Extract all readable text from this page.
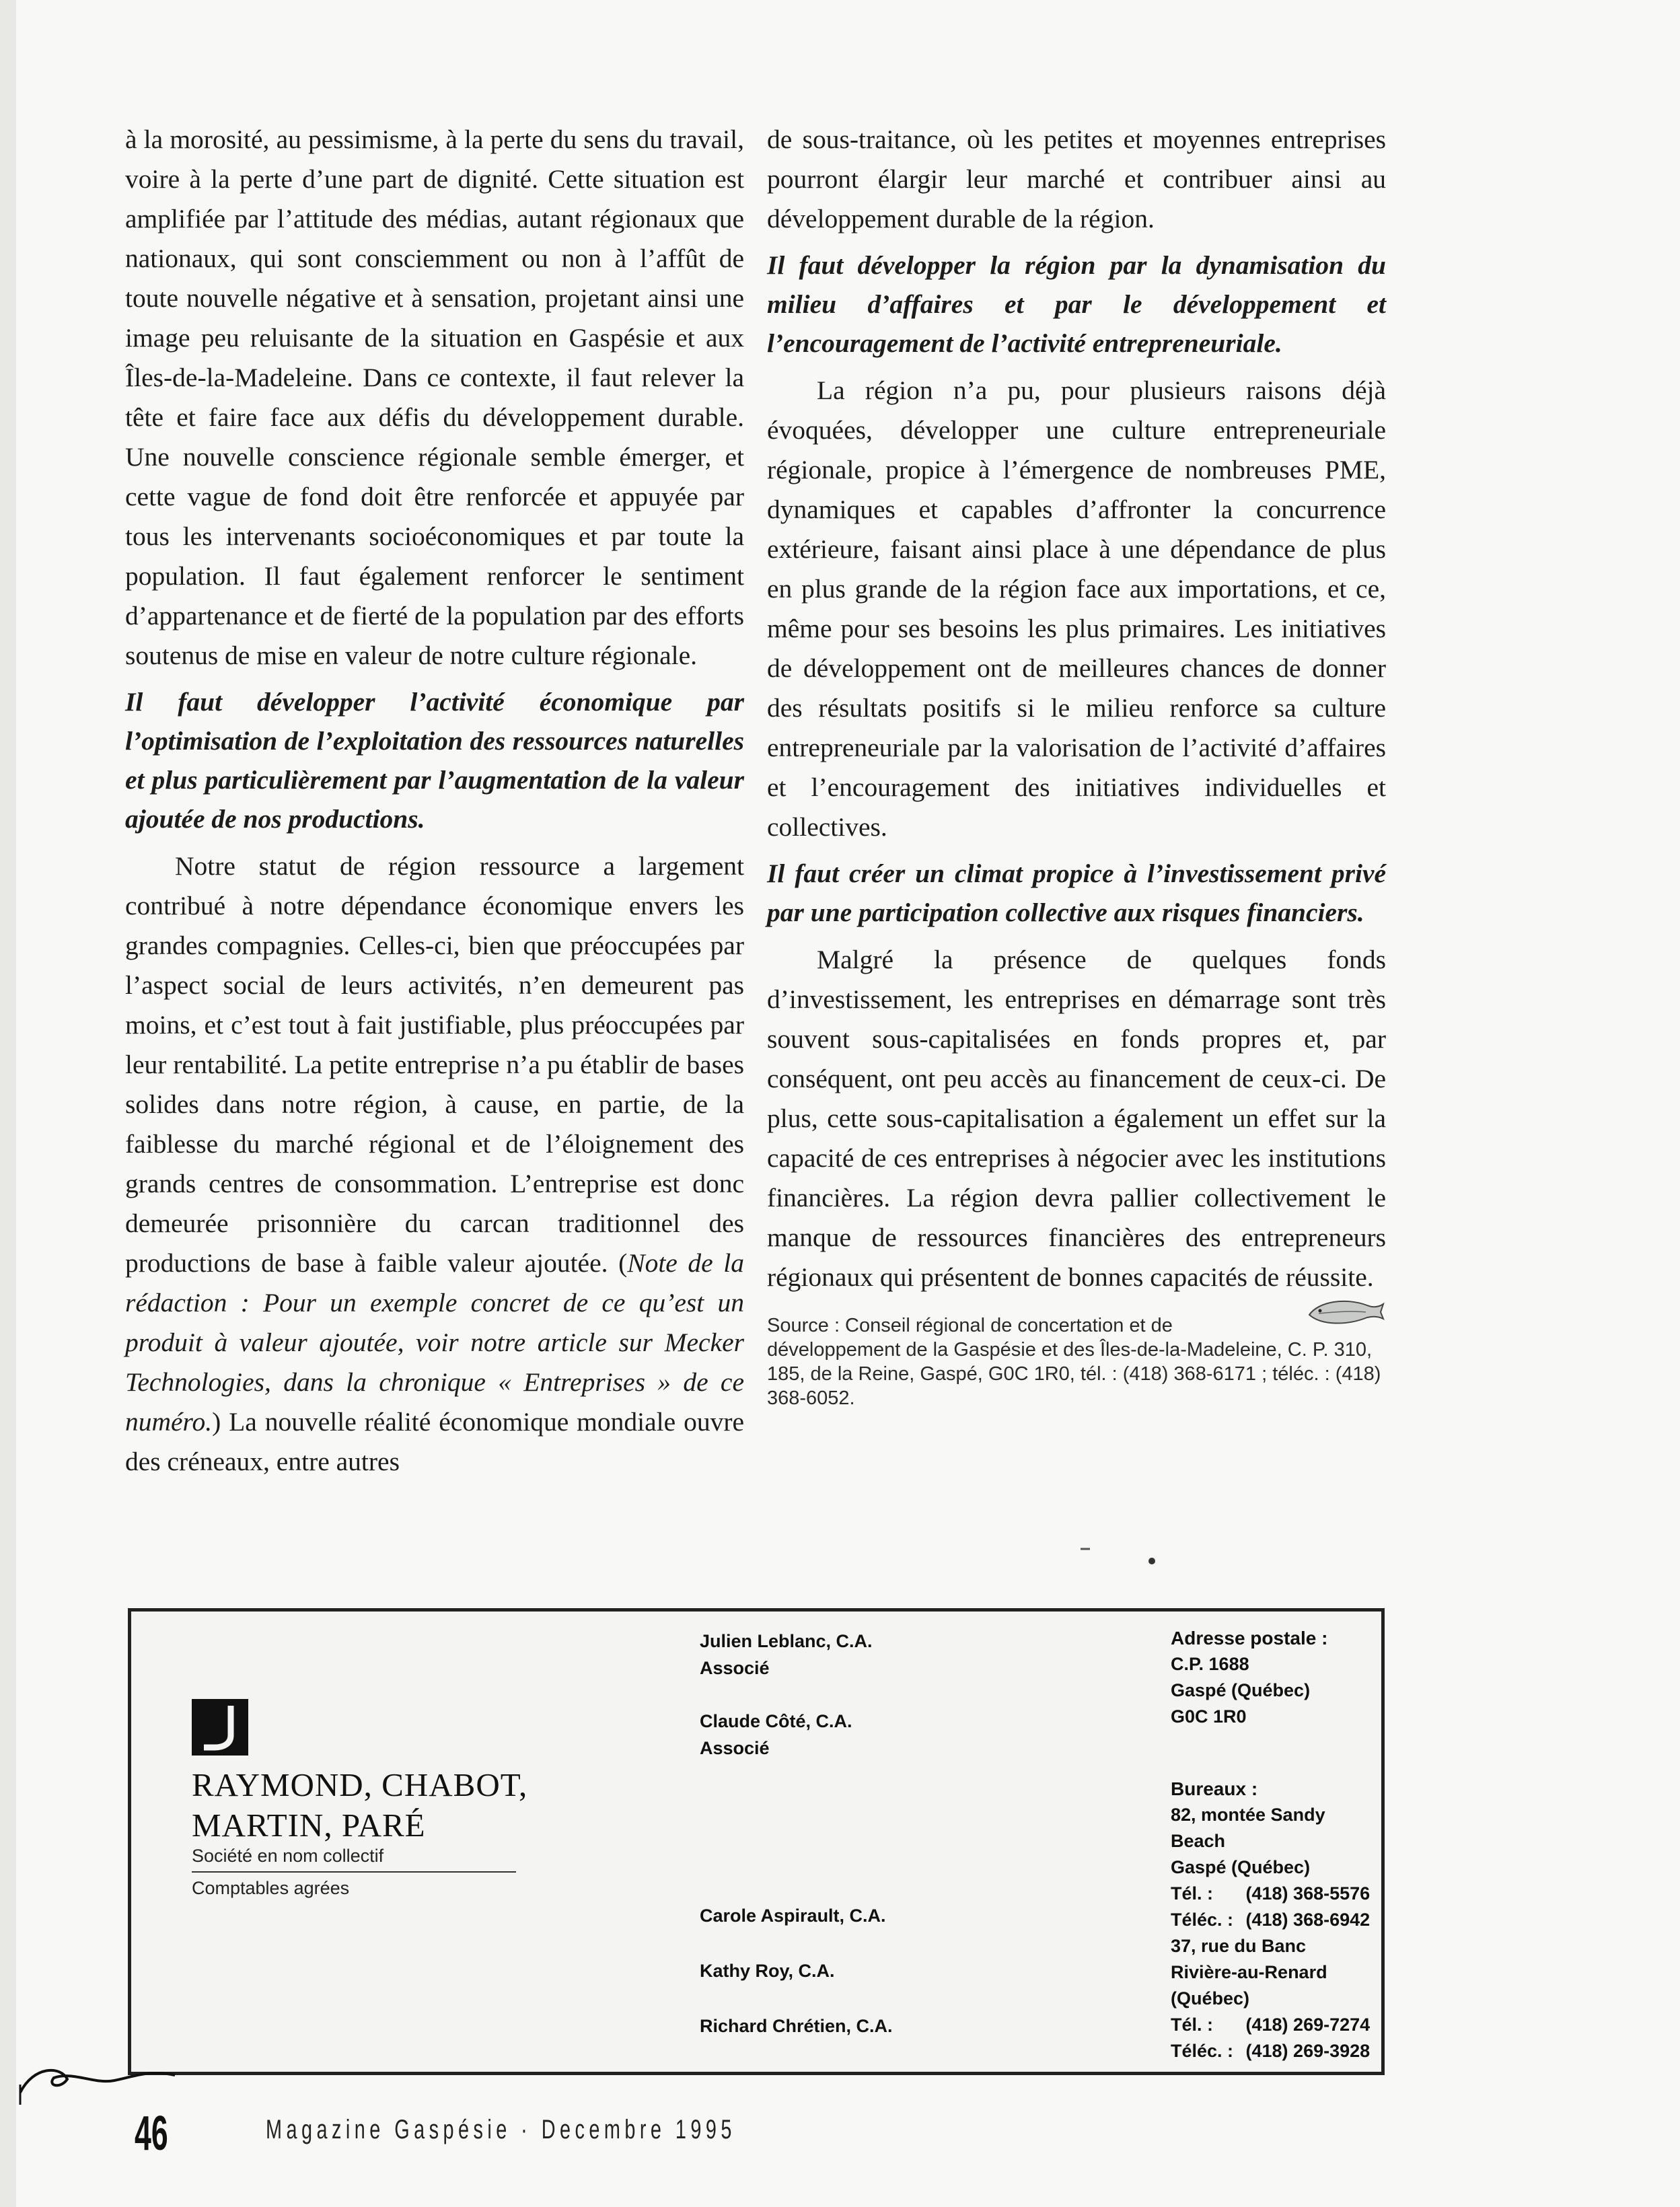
à la morosité, au pessimisme, à la perte du sens du travail, voire à la perte d’une part de dignité. Cette situation est amplifiée par l’attitude des médias, autant régionaux que nationaux, qui sont consciemment ou non à l’affût de toute nouvelle négative et à sensation, projetant ainsi une image peu reluisante de la situation en Gaspésie et aux Îles-de-la-Madeleine. Dans ce contexte, il faut relever la tête et faire face aux défis du développement durable. Une nouvelle conscience régionale semble émerger, et cette vague de fond doit être renforcée et appuyée par tous les intervenants socioéconomiques et par toute la population. Il faut également renforcer le sentiment d’appartenance et de fierté de la population par des efforts soutenus de mise en valeur de notre culture régionale.

Il faut développer l’activité économique par l’optimisation de l’exploitation des ressources naturelles et plus particulièrement par l’augmentation de la valeur ajoutée de nos productions.

Notre statut de région ressource a largement contribué à notre dépendance économique envers les grandes compagnies. Celles-ci, bien que préoccupées par l’aspect social de leurs activités, n’en demeurent pas moins, et c’est tout à fait justifiable, plus préoccupées par leur rentabilité. La petite entreprise n’a pu établir de bases solides dans notre région, à cause, en partie, de la faiblesse du marché régional et de l’éloignement des grands centres de consommation. L’entreprise est donc demeurée prisonnière du carcan traditionnel des productions de base à faible valeur ajoutée. (Note de la rédaction : Pour un exemple concret de ce qu’est un produit à valeur ajoutée, voir notre article sur Mecker Technologies, dans la chronique « Entreprises » de ce numéro.) La nouvelle réalité économique mondiale ouvre des créneaux, entre autres

de sous-traitance, où les petites et moyennes entreprises pourront élargir leur marché et contribuer ainsi au développement durable de la région.

Il faut développer la région par la dynamisation du milieu d’affaires et par le développement et l’encouragement de l’activité entrepreneuriale.

La région n’a pu, pour plusieurs raisons déjà évoquées, développer une culture entrepreneuriale régionale, propice à l’émergence de nombreuses PME, dynamiques et capables d’affronter la concurrence extérieure, faisant ainsi place à une dépendance de plus en plus grande de la région face aux importations, et ce, même pour ses besoins les plus primaires. Les initiatives de développement ont de meilleures chances de donner des résultats positifs si le milieu renforce sa culture entrepreneuriale par la valorisation de l’activité d’affaires et l’encouragement des initiatives individuelles et collectives.

Il faut créer un climat propice à l’investissement privé par une participation collective aux risques financiers.

Malgré la présence de quelques fonds d’investissement, les entreprises en démarrage sont très souvent sous-capitalisées en fonds propres et, par conséquent, ont peu accès au financement de ceux-ci. De plus, cette sous-capitalisation a également un effet sur la capacité de ces entreprises à négocier avec les institutions financières. La région devra pallier collectivement le manque de ressources financières des entrepreneurs régionaux qui présentent de bonnes capacités de réussite.

Source : Conseil régional de concertation et de développement de la Gaspésie et des Îles-de-la-Madeleine, C. P. 310, 185, de la Reine, Gaspé, G0C 1R0, tél. : (418) 368-6171 ; téléc. : (418) 368-6052.
RAYMOND, CHABOT,
MARTIN, PARÉ
Société en nom collectif
Comptables agrées
Julien Leblanc, C.A.
Associé
Claude Côté, C.A.
Associé
Carole Aspirault, C.A.
Kathy Roy, C.A.
Richard Chrétien, C.A.
Adresse postale :
C.P. 1688
Gaspé (Québec)
G0C 1R0
Bureaux :
82, montée Sandy Beach
Gaspé (Québec)
Tél. : (418) 368-5576
Téléc. : (418) 368-6942
37, rue du Banc
Rivière-au-Renard (Québec)
Tél. : (418) 269-7274
Téléc. : (418) 269-3928
46	Magazine Gaspésie · Decembre 1995
